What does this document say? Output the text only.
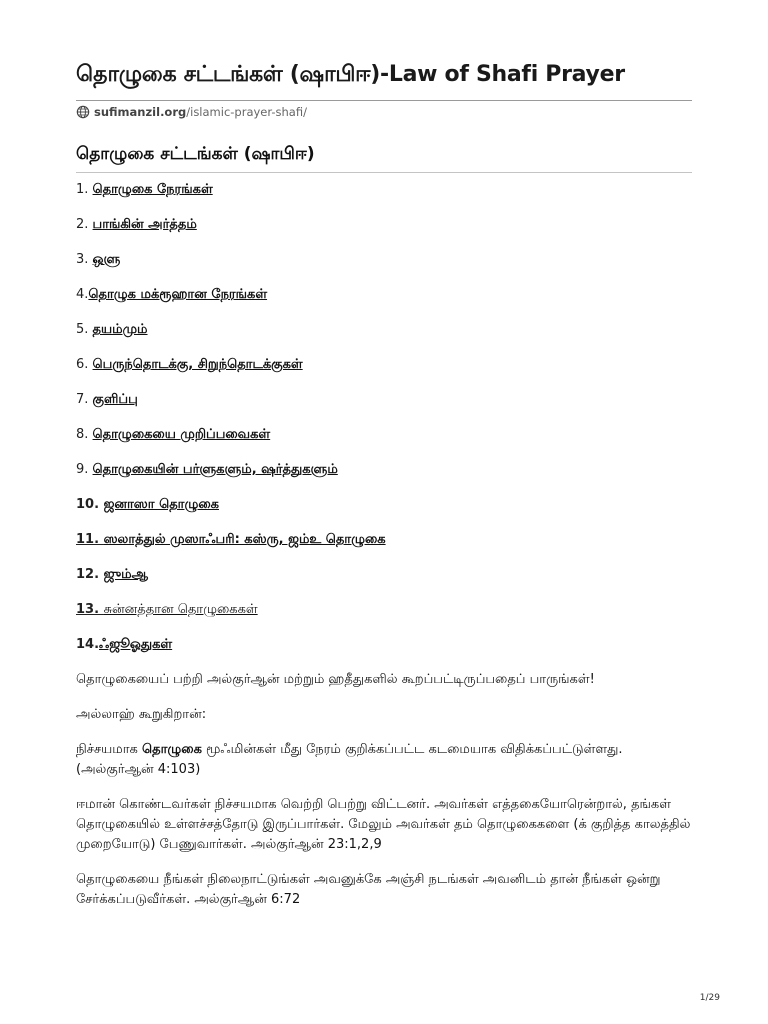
தொழுகை சட்டங்கள் (ஷாபிஈ)-Law of Shafi Prayer
sufimanzil.org/islamic-prayer-shafi/
தொழுகை சட்டங்கள் (ஷாபிஈ)
1. தொழுகை நேரங்கள்
2. பாங்கின் அர்த்தம்
3. ஒளு
4.தொழுக மக்ரூஹான நேரங்கள்
5. தயம்மும்
6. பெருந்தொடக்கு, சிறுந்தொடக்குகள்
7. குளிப்பு
8. தொழுகையை முறிப்பவைகள்
9. தொழுகையின் பர்ளுகளும், ஷர்த்துகளும்
10. ஜனாஸா தொழுகை
11. ஸலாத்துல் முஸாஃபரி: கஸ்ரு, ஜம்உ தொழுகை
12. ஜும்ஆ
13. சுன்னத்தான தொழுகைகள்
14.ஃஜூஓதுகள்

தொழுகையைப் பற்றி அல்குர்ஆன் மற்றும் ஹதீதுகளில் கூறப்பட்டிருப்பதைப் பாருங்கள்!

அல்லாஹ் கூறுகிறான்:

நிச்சயமாக தொழுகை மூஃமின்கள் மீது நேரம் குறிக்கப்பட்ட கடமையாக விதிக்கப்பட்டுள்ளது. (அல்குர்ஆன் 4:103)

ஈமான் கொண்டவர்கள் நிச்சயமாக வெற்றி பெற்று விட்டனர். அவர்கள் எத்தகையோரென்றால், தங்கள் தொழுகையில் உள்ளச்சத்தோடு இருப்பார்கள். மேலும் அவர்கள் தம் தொழுகைகளை (க் குறித்த காலத்தில் முறையோடு) பேணுவார்கள். அல்குர்ஆன் 23:1,2,9

தொழுகையை நீங்கள் நிலைநாட்டுங்கள் அவனுக்கே அஞ்சி நடங்கள் அவனிடம் தான் நீங்கள் ஒன்று சேர்க்கப்படுவீர்கள். அல்குர்ஆன் 6:72

1/29
